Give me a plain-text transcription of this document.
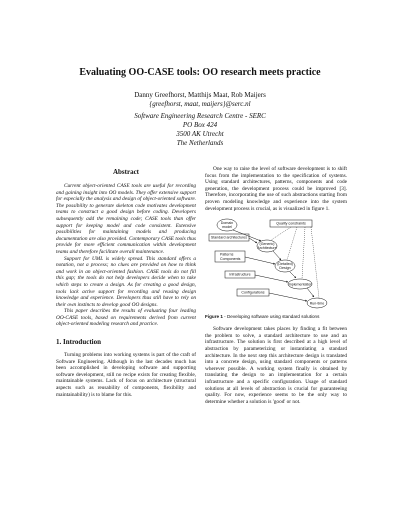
Evaluating OO-CASE tools: OO research meets practice
Danny Greefhorst, Matthijs Maat, Rob Maijers
{greefhorst, maat, maijers}@serc.nl
Software Engineering Research Centre - SERC
PO Box 424
3500 AK Utrecht
The Netherlands
Abstract

Current object-oriented CASE tools are useful for recording and gaining insight into OO models. They offer extensive support for especially the analysis and design of object-oriented software. The possibility to generate skeleton code motivates development teams to construct a good design before coding. Developers subsequently add the remaining code; CASE tools than offer support for keeping model and code consistent. Extensive possibilities for maintaining models and producing documentation are also provided. Contemporary CASE tools thus provide for more efficient communication within development teams and therefore facilitate overall maintenance.

Support for UML is widely spread. This standard offers a notation, not a process; no clues are provided on how to think and work in an object-oriented fashion. CASE tools do not fill this gap; the tools do not help developers decide when to take which steps to create a design. As for creating a good design, tools lack active support for recording and reusing design knowledge and experience. Developers thus still have to rely on their own instincts to develop good OO designs.

This paper describes the results of evaluating four leading OO-CASE tools, based on requirements derived from current object-oriented modeling research and practice.

1. Introduction

Turning problems into working systems is part of the craft of Software Engineering. Although in the last decades much has been accomplished in developing software and supporting software development, still no recipe exists for creating flexible, maintainable systems. Lack of focus on architecture (structural aspects such as reusability of components, flexibility and maintainability) is to blame for this.

One way to raise the level of software development is to shift focus from the implementation to the specification of systems. Using standard architectures, patterns, components and code generation, the development process could be improved [3]. Therefore, incorporating the use of such abstractions starting from proven modeling knowledge and experience into the system development process is crucial, as is visualized in figure 1.

Domain
model
Quality constraints
Standard architectures
(Generic)
Architecture
Patterns
Components
(Detailed)
Design
Infrastructure
Implementation
Configurations
Run-time
Figure 1 - Developing software using standard solutions

Software development takes places by finding a fit between the problem to solve, a standard architecture to use and an infrastructure. The solution is first described at a high level of abstraction by parameterizing or instantiating a standard architecture. In the next step this architecture design is translated into a concrete design, using standard components or patterns wherever possible. A working system finally is obtained by translating the design to an implementation for a certain infrastructure and a specific configuration. Usage of standard solutions at all levels of abstraction is crucial for guaranteeing quality. For now, experience seems to be the only way to determine whether a solution is 'good' or not.
